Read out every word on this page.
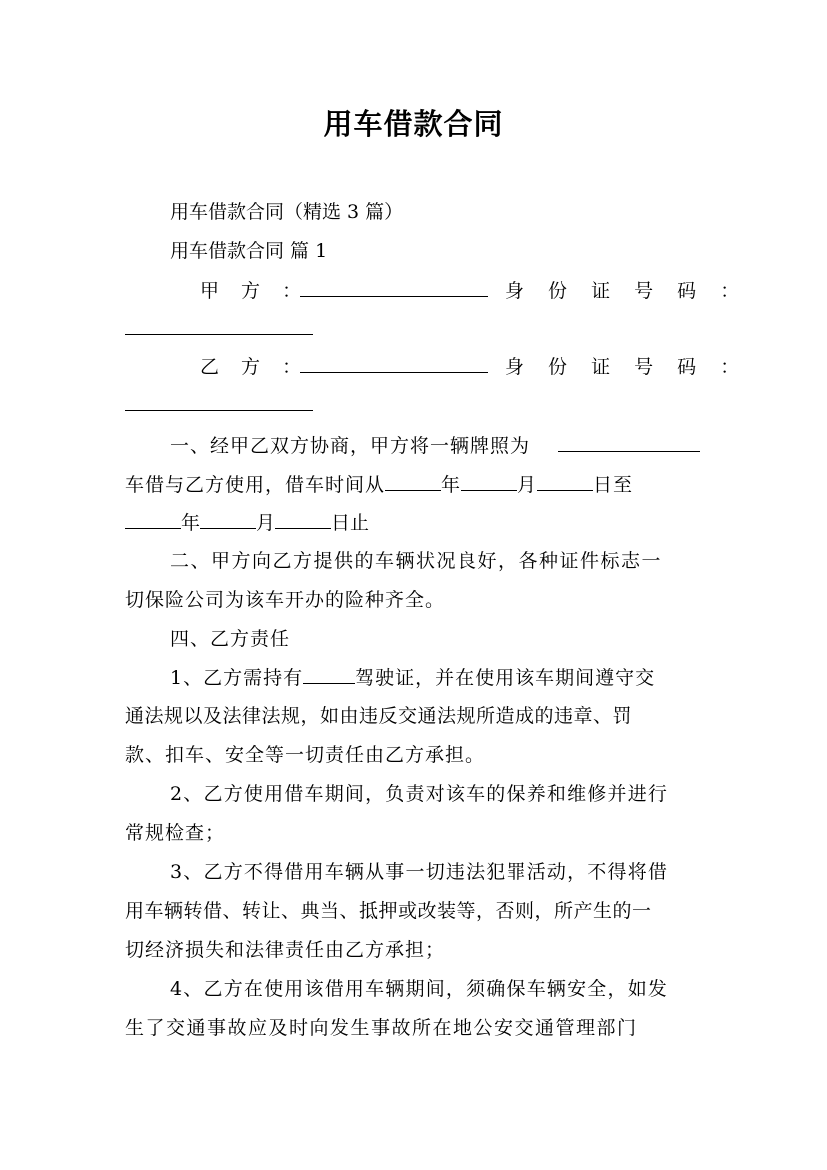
用车借款合同
用车借款合同（精选 3 篇）
用车借款合同 篇 1
甲 方 ：	身 份 证 号 码 ：
乙 方 ：	身 份 证 号 码 ：
一、经甲乙双方协商，甲方将一辆牌照为
车借与乙方使用，借车时间从	年	月	日至
年	月	日止
二、甲方向乙方提供的车辆状况良好，各种证件标志一
切保险公司为该车开办的险种齐全。
四、乙方责任
1、乙方需持有	驾驶证，并在使用该车期间遵守交
通法规以及法律法规，如由违反交通法规所造成的违章、罚
款、扣车、安全等一切责任由乙方承担。
2、乙方使用借车期间，负责对该车的保养和维修并进行
常规检查；
3、乙方不得借用车辆从事一切违法犯罪活动，不得将借
用车辆转借、转让、典当、抵押或改装等，否则，所产生的一
切经济损失和法律责任由乙方承担；
4、乙方在使用该借用车辆期间，须确保车辆安全，如发
生了交通事故应及时向发生事故所在地公安交通管理部门
